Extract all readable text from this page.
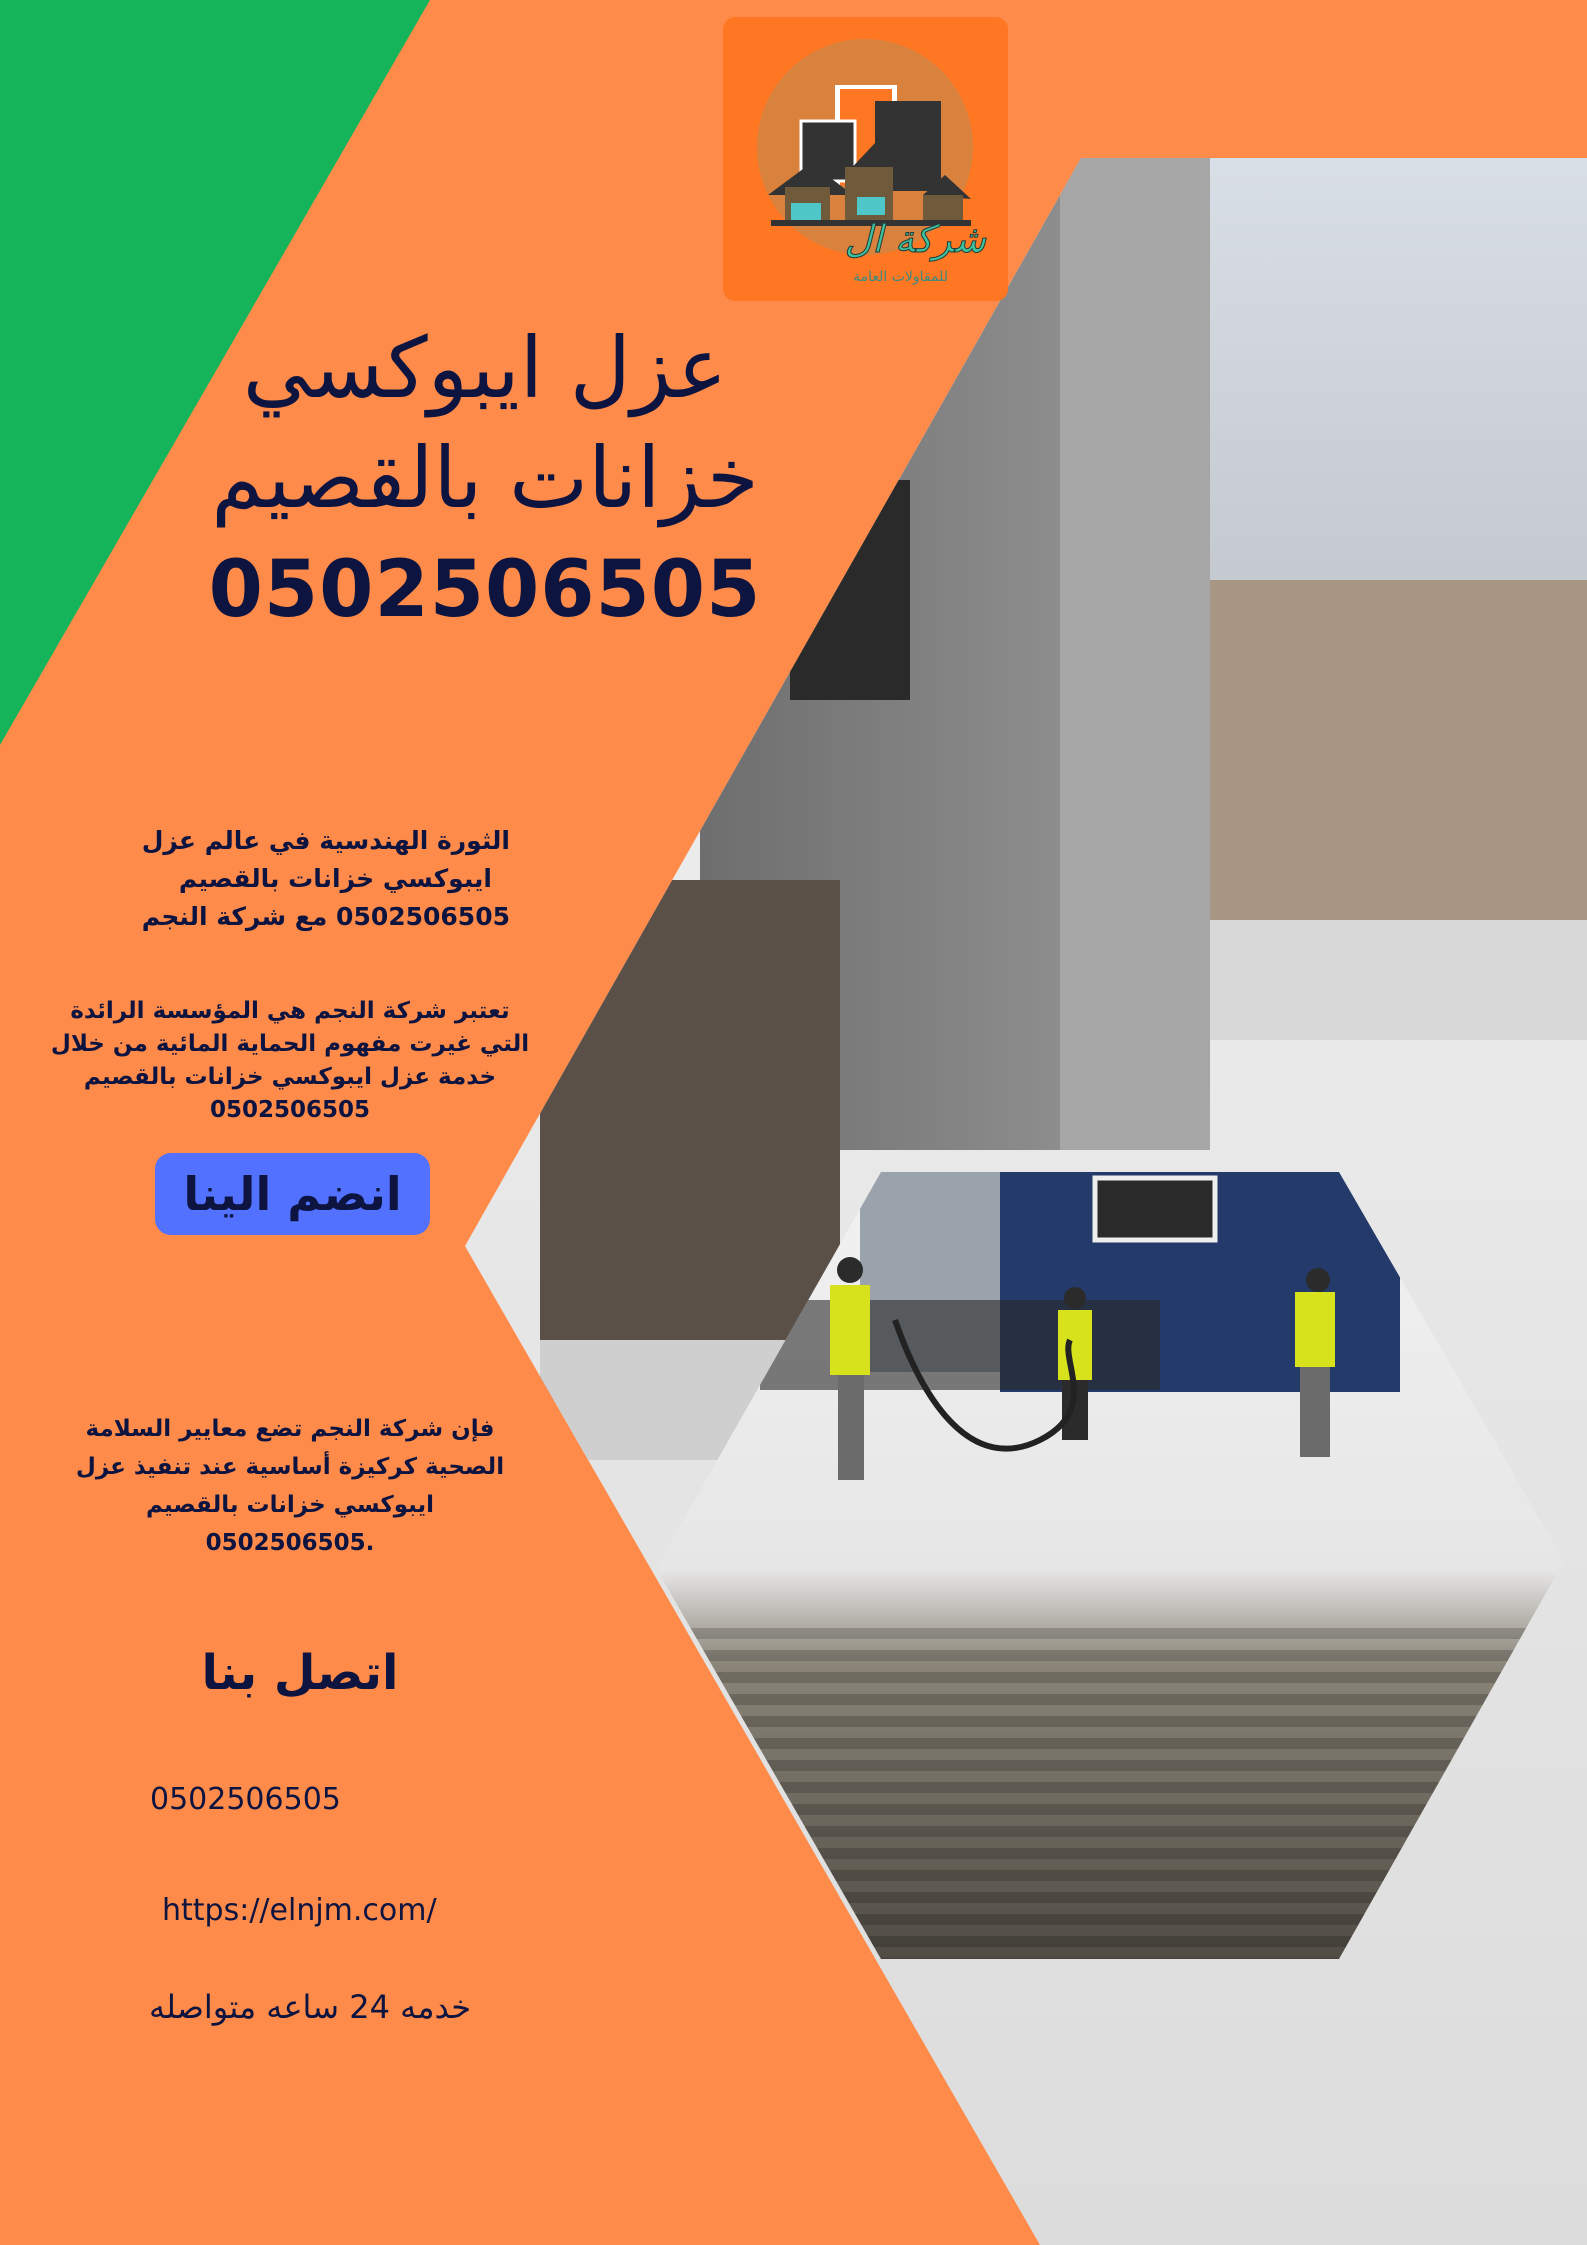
شركة ال
للمقاولات العامة
عزل ايبوكسي
خزانات بالقصيم
0502506505
الثورة الهندسية في عالم عزل
ايبوكسي خزانات بالقصيم
0502506505 مع شركة النجم
تعتبر شركة النجم هي المؤسسة الرائدة
التي غيرت مفهوم الحماية المائية من خلال
خدمة عزل ايبوكسي خزانات بالقصيم
0502506505
انضم الينا
فإن شركة النجم تضع معايير السلامة
الصحية كركيزة أساسية عند تنفيذ عزل
ايبوكسي خزانات بالقصيم
.0502506505
اتصل بنا
0502506505
https://elnjm.com/
خدمه 24 ساعه متواصله
